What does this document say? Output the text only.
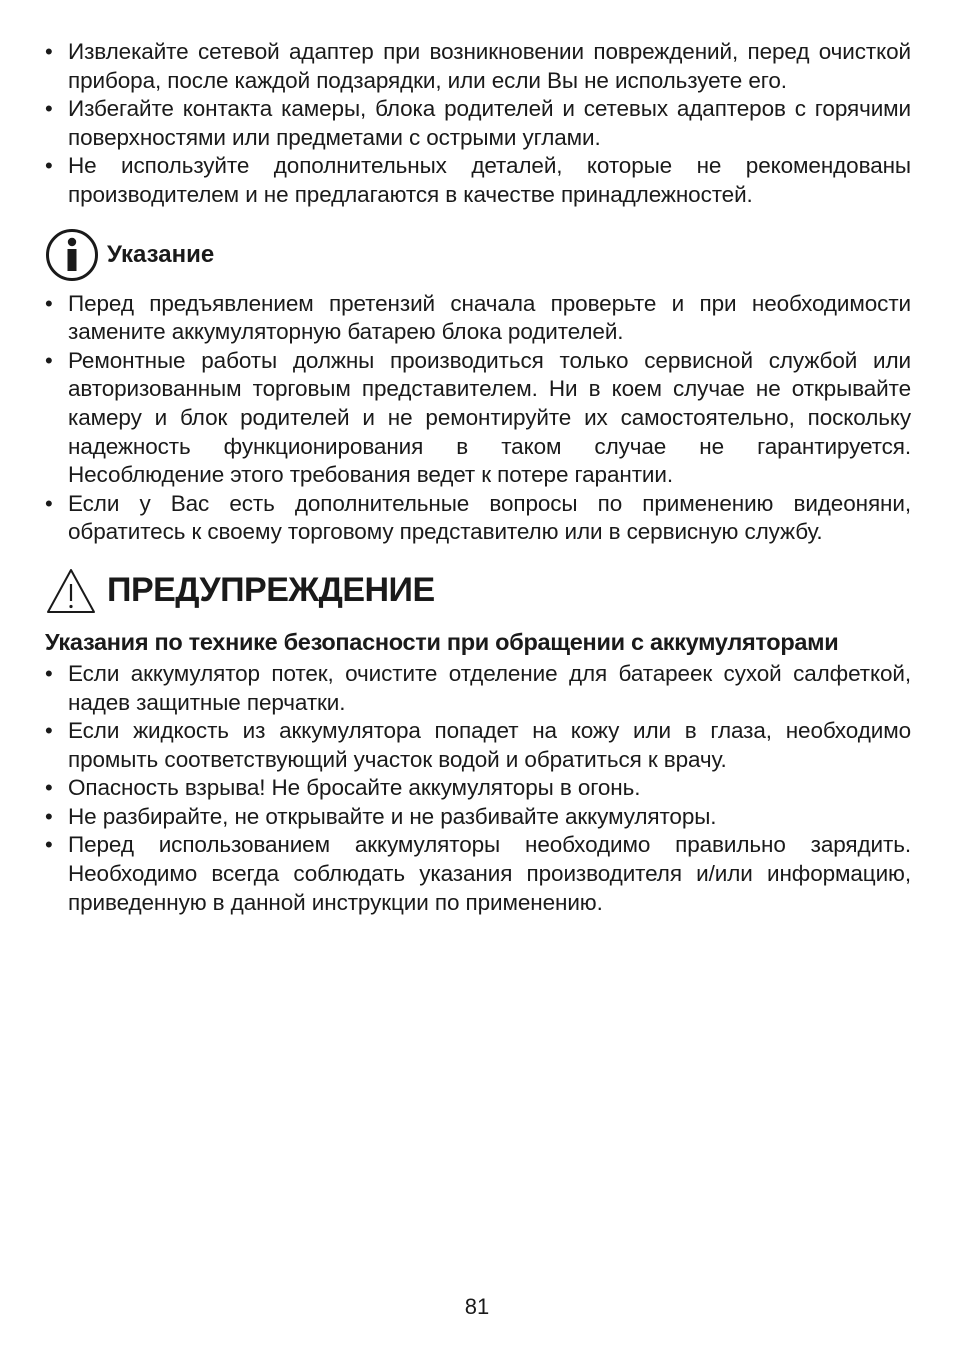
• Извлекайте сетевой адаптер при возникновении повреждений, перед очисткой прибора, после каждой подзарядки, или если Вы не используете его.
• Избегайте контакта камеры, блока родителей и сетевых адаптеров с горячими поверхностями или предметами с острыми углами.
• Не используйте дополнительных деталей, которые не рекомендованы производителем и не предлагаются в качестве принадлежностей.
Указание
• Перед предъявлением претензий сначала проверьте и при необходимости замените аккумуляторную батарею блока родителей.
• Ремонтные работы должны производиться только сервисной службой или авторизованным торговым представителем. Ни в коем случае не открывайте камеру и блок родителей и не ремонтируйте их самостоятельно, поскольку надежность функционирования в таком случае не гарантируется. Несоблюдение этого требования ведет к потере гарантии.
• Если у Вас есть дополнительные вопросы по применению видеоняни, обратитесь к своему торговому представителю или в сервисную службу.
ПРЕДУПРЕЖДЕНИЕ
Указания по технике безопасности при обращении с аккумуляторами
• Если аккумулятор потек, очистите отделение для батареек сухой салфеткой, надев защитные перчатки.
• Если жидкость из аккумулятора попадет на кожу или в глаза, необходимо промыть соответствующий участок водой и обратиться к врачу.
• Опасность взрыва! Не бросайте аккумуляторы в огонь.
• Не разбирайте, не открывайте и не разбивайте аккумуляторы.
• Перед использованием аккумуляторы необходимо правильно зарядить. Необходимо всегда соблюдать указания производителя и/или информацию, приведенную в данной инструкции по применению.
81
